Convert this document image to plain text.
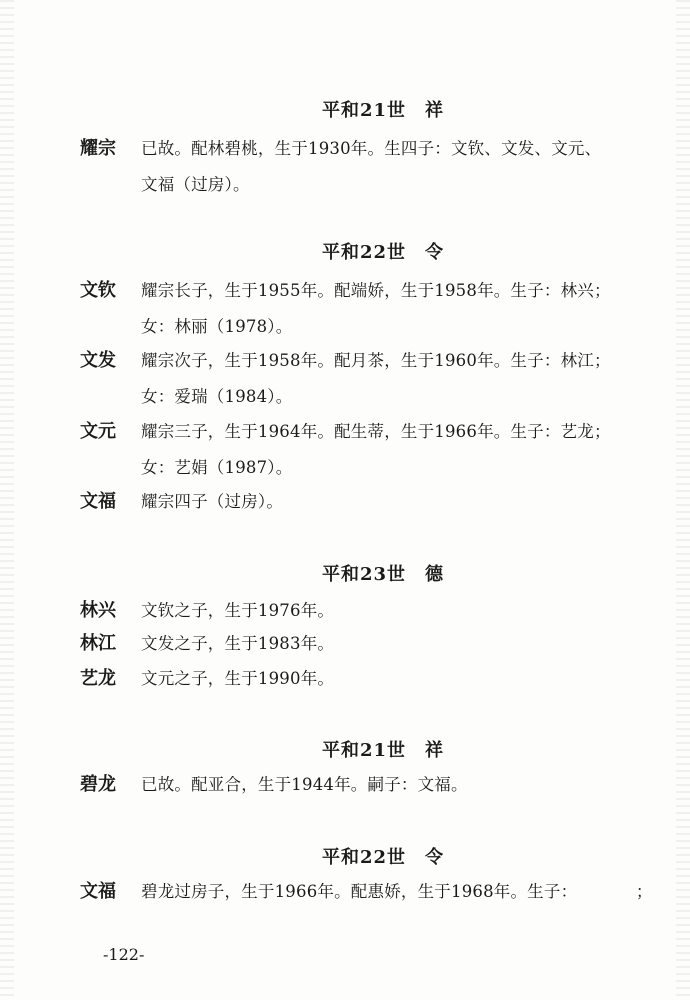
平和21世　祥
耀宗 已故。配林碧桃，生于1930年。生四子：文钦、文发、文元、
文福（过房）。
平和22世　令
文钦 耀宗长子，生于1955年。配端娇，生于1958年。生子：林兴；
女：林丽（1978）。
文发 耀宗次子，生于1958年。配月茶，生于1960年。生子：林江；
女：爱瑞（1984）。
文元 耀宗三子，生于1964年。配生蒂，生于1966年。生子：艺龙；
女：艺娟（1987）。
文福 耀宗四子（过房）。
平和23世　德
林兴 文钦之子，生于1976年。
林江 文发之子，生于1983年。
艺龙 文元之子，生于1990年。
平和21世　祥
碧龙 已故。配亚合，生于1944年。嗣子：文福。
平和22世　令
文福 碧龙过房子，生于1966年。配惠娇，生于1968年。生子：　　　　；
-122-
